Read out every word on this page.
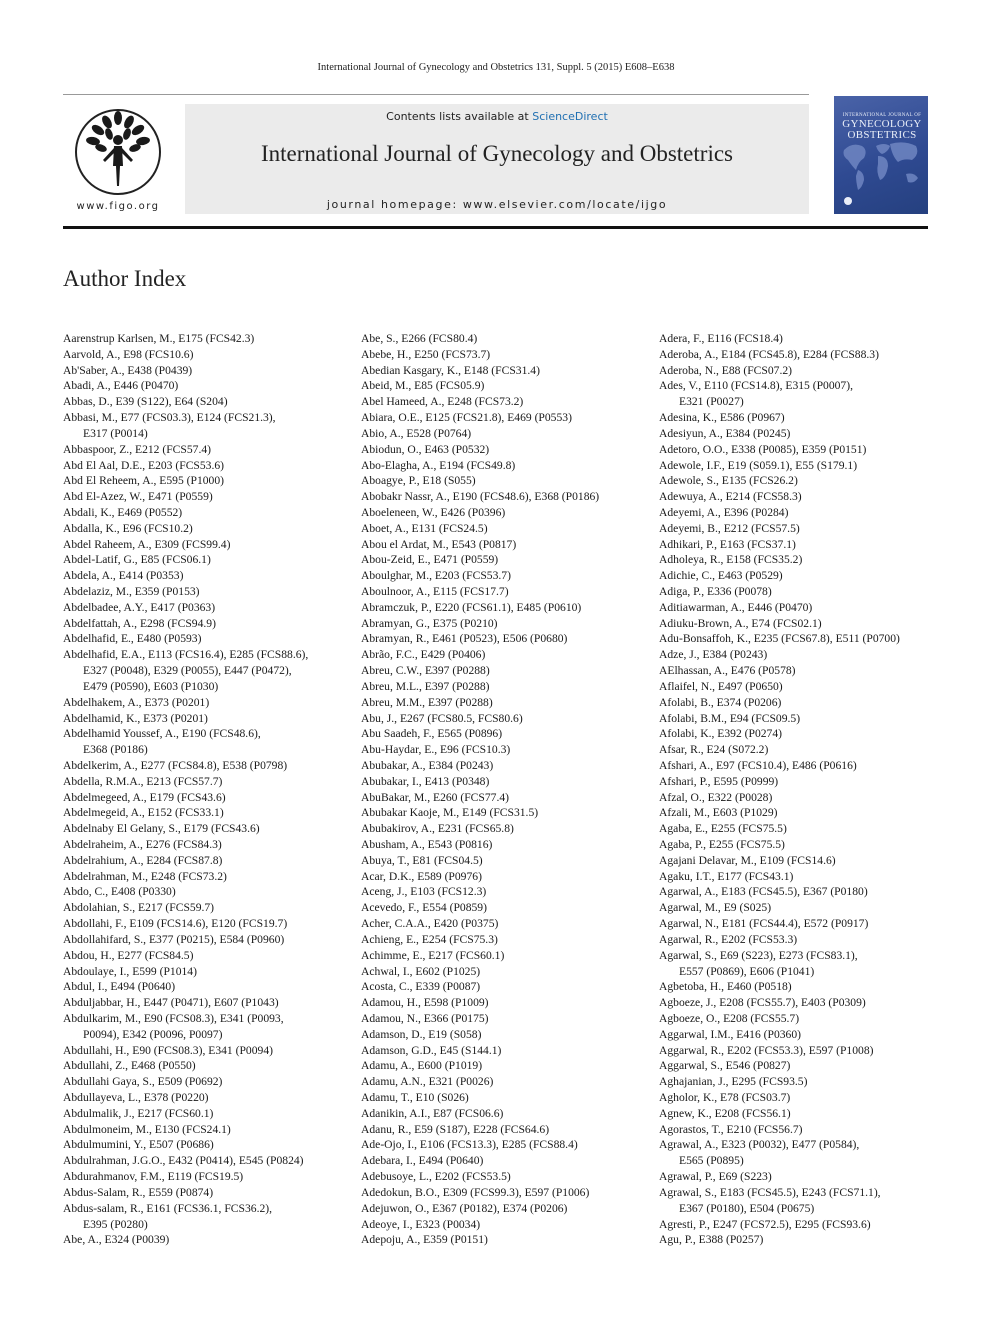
International Journal of Gynecology and Obstetrics 131, Suppl. 5 (2015) E608–E638
www.figo.org
Contents lists available at ScienceDirect
International Journal of Gynecology and Obstetrics
journal homepage: www.elsevier.com/locate/ijgo
INTERNATIONAL JOURNAL OF
GYNECOLOGY
OBSTETRICS
Author Index
Aarenstrup Karlsen, M., E175 (FCS42.3)
Aarvold, A., E98 (FCS10.6)
Ab'Saber, A., E438 (P0439)
Abadi, A., E446 (P0470)
Abbas, D., E39 (S122), E64 (S204)
Abbasi, M., E77 (FCS03.3), E124 (FCS21.3),
E317 (P0014)
Abbaspoor, Z., E212 (FCS57.4)
Abd El Aal, D.E., E203 (FCS53.6)
Abd El Reheem, A., E595 (P1000)
Abd El-Azez, W., E471 (P0559)
Abdali, K., E469 (P0552)
Abdalla, K., E96 (FCS10.2)
Abdel Raheem, A., E309 (FCS99.4)
Abdel-Latif, G., E85 (FCS06.1)
Abdela, A., E414 (P0353)
Abdelaziz, M., E359 (P0153)
Abdelbadee, A.Y., E417 (P0363)
Abdelfattah, A., E298 (FCS94.9)
Abdelhafid, E., E480 (P0593)
Abdelhafid, E.A., E113 (FCS16.4), E285 (FCS88.6),
E327 (P0048), E329 (P0055), E447 (P0472),
E479 (P0590), E603 (P1030)
Abdelhakem, A., E373 (P0201)
Abdelhamid, K., E373 (P0201)
Abdelhamid Youssef, A., E190 (FCS48.6),
E368 (P0186)
Abdelkerim, A., E277 (FCS84.8), E538 (P0798)
Abdella, R.M.A., E213 (FCS57.7)
Abdelmegeed, A., E179 (FCS43.6)
Abdelmegeid, A., E152 (FCS33.1)
Abdelnaby El Gelany, S., E179 (FCS43.6)
Abdelraheim, A., E276 (FCS84.3)
Abdelrahium, A., E284 (FCS87.8)
Abdelrahman, M., E248 (FCS73.2)
Abdo, C., E408 (P0330)
Abdolahian, S., E217 (FCS59.7)
Abdollahi, F., E109 (FCS14.6), E120 (FCS19.7)
Abdollahifard, S., E377 (P0215), E584 (P0960)
Abdou, H., E277 (FCS84.5)
Abdoulaye, I., E599 (P1014)
Abdul, I., E494 (P0640)
Abduljabbar, H., E447 (P0471), E607 (P1043)
Abdulkarim, M., E90 (FCS08.3), E341 (P0093,
P0094), E342 (P0096, P0097)
Abdullahi, H., E90 (FCS08.3), E341 (P0094)
Abdullahi, Z., E468 (P0550)
Abdullahi Gaya, S., E509 (P0692)
Abdullayeva, L., E378 (P0220)
Abdulmalik, J., E217 (FCS60.1)
Abdulmoneim, M., E130 (FCS24.1)
Abdulmumini, Y., E507 (P0686)
Abdulrahman, J.G.O., E432 (P0414), E545 (P0824)
Abdurahmanov, F.M., E119 (FCS19.5)
Abdus-Salam, R., E559 (P0874)
Abdus-salam, R., E161 (FCS36.1, FCS36.2),
E395 (P0280)
Abe, A., E324 (P0039)
Abe, S., E266 (FCS80.4)
Abebe, H., E250 (FCS73.7)
Abedian Kasgary, K., E148 (FCS31.4)
Abeid, M., E85 (FCS05.9)
Abel Hameed, A., E248 (FCS73.2)
Abiara, O.E., E125 (FCS21.8), E469 (P0553)
Abio, A., E528 (P0764)
Abiodun, O., E463 (P0532)
Abo-Elagha, A., E194 (FCS49.8)
Aboagye, P., E18 (S055)
Abobakr Nassr, A., E190 (FCS48.6), E368 (P0186)
Aboeleneen, W., E426 (P0396)
Aboet, A., E131 (FCS24.5)
Abou el Ardat, M., E543 (P0817)
Abou-Zeid, E., E471 (P0559)
Aboulghar, M., E203 (FCS53.7)
Aboulnoor, A., E115 (FCS17.7)
Abramczuk, P., E220 (FCS61.1), E485 (P0610)
Abramyan, G., E375 (P0210)
Abramyan, R., E461 (P0523), E506 (P0680)
Abrão, F.C., E429 (P0406)
Abreu, C.W., E397 (P0288)
Abreu, M.L., E397 (P0288)
Abreu, M.M., E397 (P0288)
Abu, J., E267 (FCS80.5, FCS80.6)
Abu Saadeh, F., E565 (P0896)
Abu-Haydar, E., E96 (FCS10.3)
Abubakar, A., E384 (P0243)
Abubakar, I., E413 (P0348)
AbuBakar, M., E260 (FCS77.4)
Abubakar Kaoje, M., E149 (FCS31.5)
Abubakirov, A., E231 (FCS65.8)
Abusham, A., E543 (P0816)
Abuya, T., E81 (FCS04.5)
Acar, D.K., E589 (P0976)
Aceng, J., E103 (FCS12.3)
Acevedo, F., E554 (P0859)
Acher, C.A.A., E420 (P0375)
Achieng, E., E254 (FCS75.3)
Achimme, E., E217 (FCS60.1)
Achwal, I., E602 (P1025)
Acosta, C., E339 (P0087)
Adamou, H., E598 (P1009)
Adamou, N., E366 (P0175)
Adamson, D., E19 (S058)
Adamson, G.D., E45 (S144.1)
Adamu, A., E600 (P1019)
Adamu, A.N., E321 (P0026)
Adamu, T., E10 (S026)
Adanikin, A.I., E87 (FCS06.6)
Adanu, R., E59 (S187), E228 (FCS64.6)
Ade-Ojo, I., E106 (FCS13.3), E285 (FCS88.4)
Adebara, I., E494 (P0640)
Adebusoye, L., E202 (FCS53.5)
Adedokun, B.O., E309 (FCS99.3), E597 (P1006)
Adejuwon, O., E367 (P0182), E374 (P0206)
Adeoye, I., E323 (P0034)
Adepoju, A., E359 (P0151)
Adera, F., E116 (FCS18.4)
Aderoba, A., E184 (FCS45.8), E284 (FCS88.3)
Aderoba, N., E88 (FCS07.2)
Ades, V., E110 (FCS14.8), E315 (P0007),
E321 (P0027)
Adesina, K., E586 (P0967)
Adesiyun, A., E384 (P0245)
Adetoro, O.O., E338 (P0085), E359 (P0151)
Adewole, I.F., E19 (S059.1), E55 (S179.1)
Adewole, S., E135 (FCS26.2)
Adewuya, A., E214 (FCS58.3)
Adeyemi, A., E396 (P0284)
Adeyemi, B., E212 (FCS57.5)
Adhikari, P., E163 (FCS37.1)
Adholeya, R., E158 (FCS35.2)
Adichie, C., E463 (P0529)
Adiga, P., E336 (P0078)
Aditiawarman, A., E446 (P0470)
Adiuku-Brown, A., E74 (FCS02.1)
Adu-Bonsaffoh, K., E235 (FCS67.8), E511 (P0700)
Adze, J., E384 (P0243)
AElhassan, A., E476 (P0578)
Aflaifel, N., E497 (P0650)
Afolabi, B., E374 (P0206)
Afolabi, B.M., E94 (FCS09.5)
Afolabi, K., E392 (P0274)
Afsar, R., E24 (S072.2)
Afshari, A., E97 (FCS10.4), E486 (P0616)
Afshari, P., E595 (P0999)
Afzal, O., E322 (P0028)
Afzali, M., E603 (P1029)
Agaba, E., E255 (FCS75.5)
Agaba, P., E255 (FCS75.5)
Agajani Delavar, M., E109 (FCS14.6)
Agaku, I.T., E177 (FCS43.1)
Agarwal, A., E183 (FCS45.5), E367 (P0180)
Agarwal, M., E9 (S025)
Agarwal, N., E181 (FCS44.4), E572 (P0917)
Agarwal, R., E202 (FCS53.3)
Agarwal, S., E69 (S223), E273 (FCS83.1),
E557 (P0869), E606 (P1041)
Agbetoba, H., E460 (P0518)
Agboeze, J., E208 (FCS55.7), E403 (P0309)
Agboeze, O., E208 (FCS55.7)
Aggarwal, I.M., E416 (P0360)
Aggarwal, R., E202 (FCS53.3), E597 (P1008)
Aggarwal, S., E546 (P0827)
Aghajanian, J., E295 (FCS93.5)
Agholor, K., E78 (FCS03.7)
Agnew, K., E208 (FCS56.1)
Agorastos, T., E210 (FCS56.7)
Agrawal, A., E323 (P0032), E477 (P0584),
E565 (P0895)
Agrawal, P., E69 (S223)
Agrawal, S., E183 (FCS45.5), E243 (FCS71.1),
E367 (P0180), E504 (P0675)
Agresti, P., E247 (FCS72.5), E295 (FCS93.6)
Agu, P., E388 (P0257)
